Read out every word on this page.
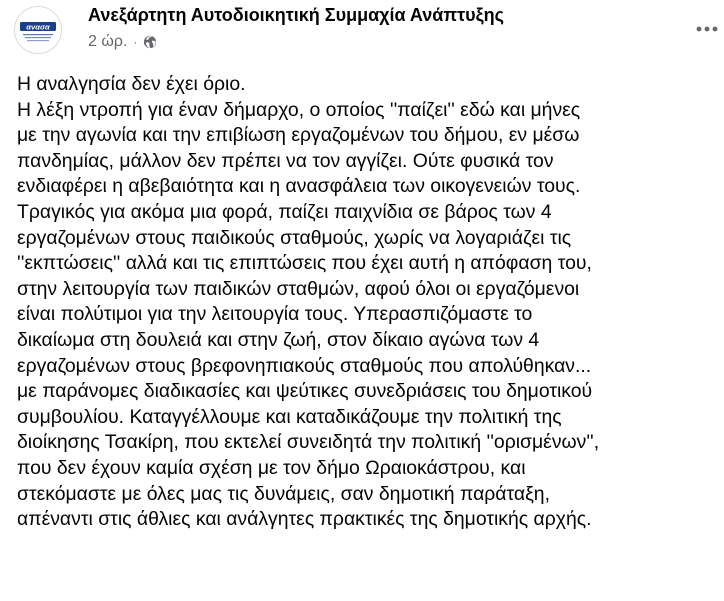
ανασα
Ανεξάρτητη Αυτοδιοικητική Συμμαχία Ανάπτυξης
2 ώρ. ·
Η αναλγησία δεν έχει όριο.
Η λέξη ντροπή για έναν δήμαρχο, ο οποίος ''παίζει'' εδώ και μήνες
με την αγωνία και την επιβίωση εργαζομένων του δήμου, εν μέσω
πανδημίας, μάλλον δεν πρέπει να τον αγγίζει. Ούτε φυσικά τον
ενδιαφέρει η αβεβαιότητα και η ανασφάλεια των οικογενειών τους.
Τραγικός για ακόμα μια φορά, παίζει παιχνίδια σε βάρος των 4
εργαζομένων στους παιδικούς σταθμούς, χωρίς να λογαριάζει τις
''εκπτώσεις'' αλλά και τις επιπτώσεις που έχει αυτή η απόφαση του,
στην λειτουργία των παιδικών σταθμών, αφού όλοι οι εργαζόμενοι
είναι πολύτιμοι για την λειτουργία τους. Υπερασπιζόμαστε το
δικαίωμα στη δουλειά και στην ζωή, στον δίκαιο αγώνα των 4
εργαζομένων στους βρεφονηπιακούς σταθμούς που απολύθηκαν...
με παράνομες διαδικασίες και ψεύτικες συνεδριάσεις του δημοτικού
συμβουλίου. Καταγγέλλουμε και καταδικάζουμε την πολιτική της
διοίκησης Τσακίρη, που εκτελεί συνειδητά την πολιτική ''ορισμένων'',
που δεν έχουν καμία σχέση με τον δήμο Ωραιοκάστρου, και
στεκόμαστε με όλες μας τις δυνάμεις, σαν δημοτική παράταξη,
απέναντι στις άθλιες και ανάλγητες πρακτικές της δημοτικής αρχής.
